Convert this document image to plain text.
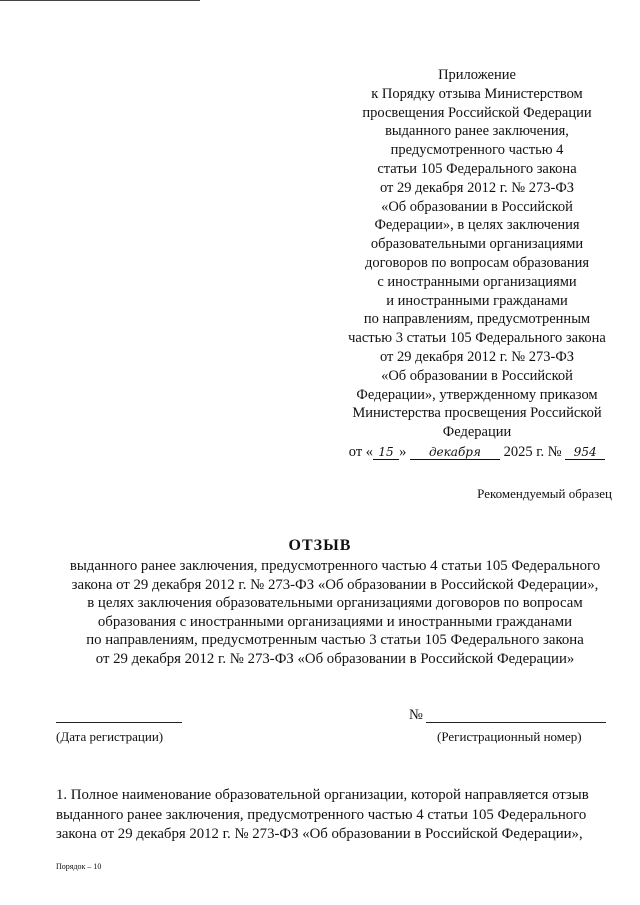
Приложение
к Порядку отзыва Министерством
просвещения Российской Федерации
выданного ранее заключения,
предусмотренного частью 4
статьи 105 Федерального закона
от 29 декабря 2012 г. № 273-ФЗ
«Об образовании в Российской
Федерации», в целях заключения
образовательными организациями
договоров по вопросам образования
с иностранными организациями
и иностранными гражданами
по направлениям, предусмотренным
частью 3 статьи 105 Федерального закона
от 29 декабря 2012 г. № 273-ФЗ
«Об образовании в Российской
Федерации», утвержденному приказом
Министерства просвещения Российской
Федерации
от « 15 » декабря 2025 г. № 954
Рекомендуемый образец
ОТЗЫВ
выданного ранее заключения, предусмотренного частью 4 статьи 105 Федерального
закона от 29 декабря 2012 г. № 273-ФЗ «Об образовании в Российской Федерации»,
в целях заключения образовательными организациями договоров по вопросам
образования с иностранными организациями и иностранными гражданами
по направлениям, предусмотренным частью 3 статьи 105 Федерального закона
от 29 декабря 2012 г. № 273-ФЗ «Об образовании в Российской Федерации»
№
(Дата регистрации)	(Регистрационный номер)
1. Полное наименование образовательной организации, которой направляется отзыв
выданного ранее заключения, предусмотренного частью 4 статьи 105 Федерального
закона от 29 декабря 2012 г. № 273-ФЗ «Об образовании в Российской Федерации»,
Порядок – 10
